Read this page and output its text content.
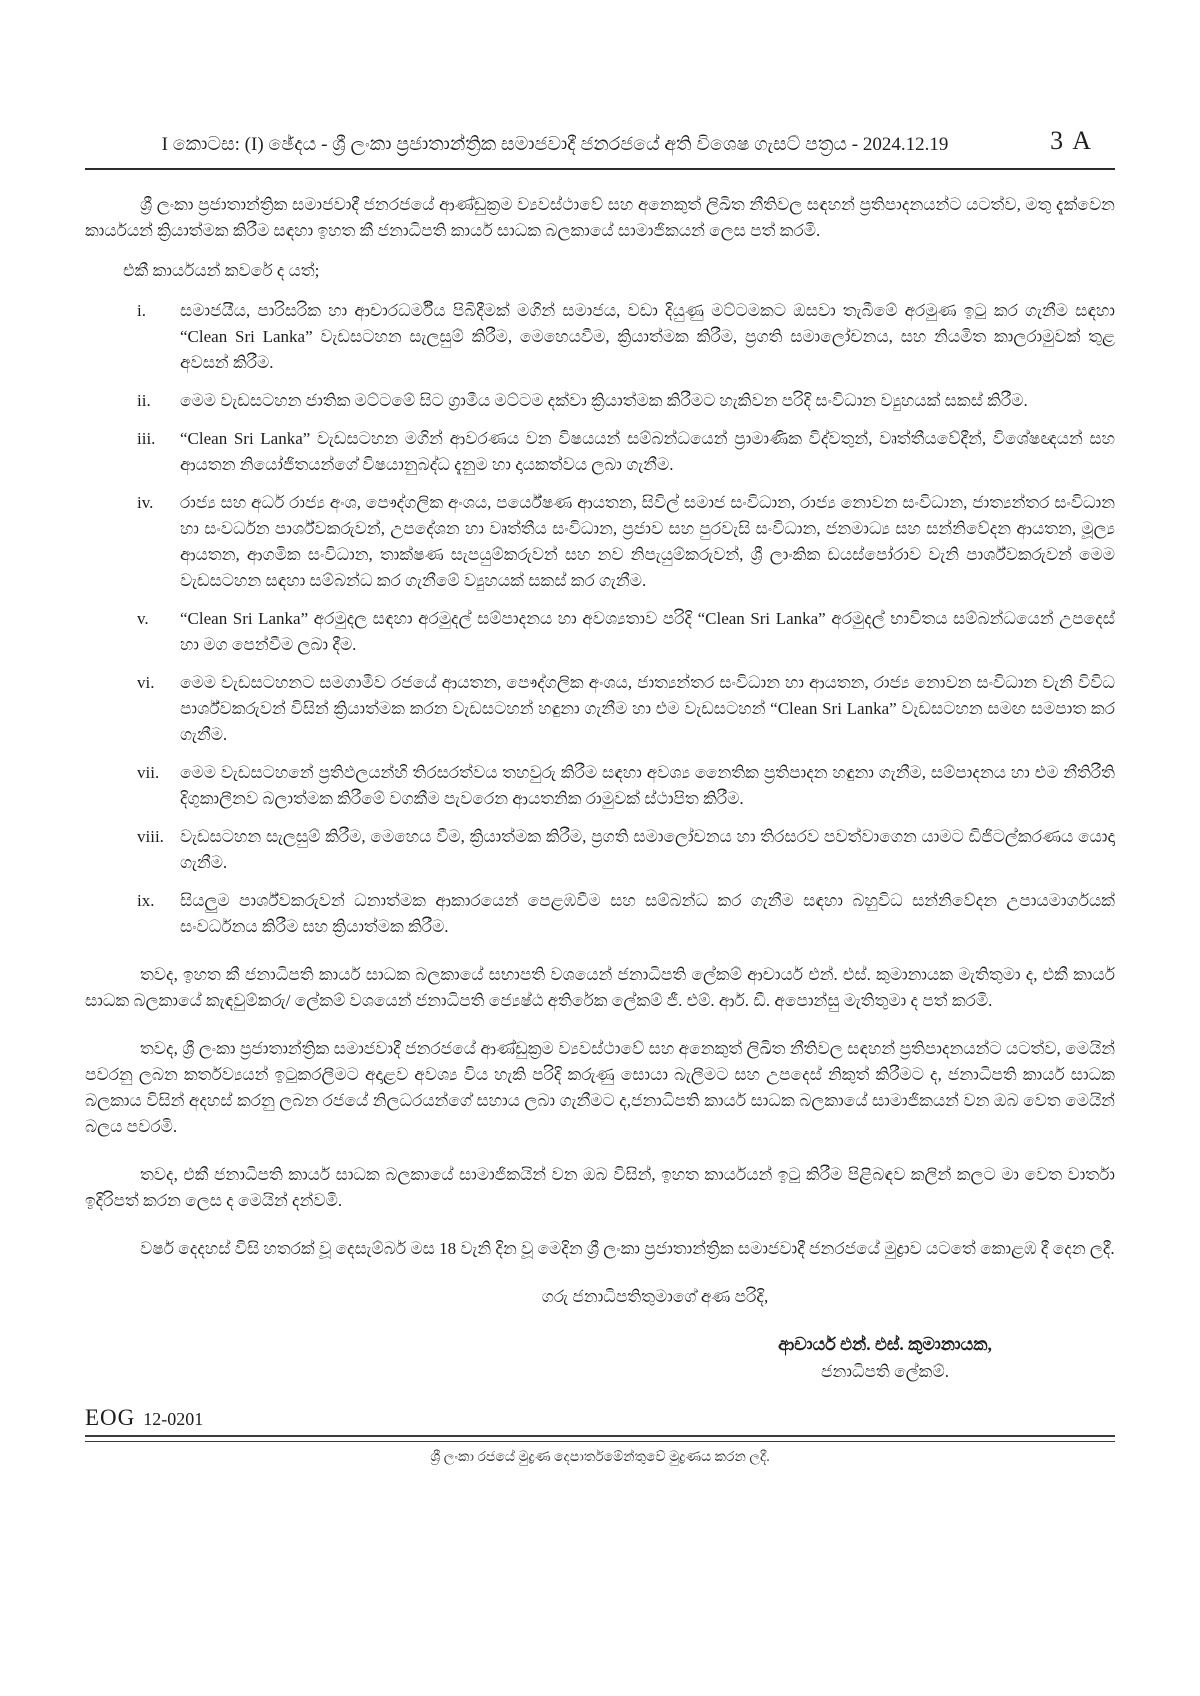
I කොටස: (I) ඡේදය - ශ්‍රී ලංකා ප්‍රජාතාන්ත්‍රික සමාජවාදී ජනරජයේ අති විශෙෂ ගැසට් පත්‍රය - 2024.12.19	3 A

ශ්‍රී ලංකා ප්‍රජාතාන්ත්‍රික සමාජවාදී ජනරජයේ ආණ්ඩුක්‍රම ව්‍යවස්ථාවේ සහ අනෙකුත් ලිඛිත නීතිවල සඳහන් ප්‍රතිපාදනයන්ට යටත්ව, මතු දැක්වෙන කාර්යයන් ක්‍රියාත්මක කිරීම සඳහා ඉහත කී ජනාධිපති කාර්ය සාධක බලකායේ සාමාජිකයන් ලෙස පත් කරමි.

එකී කාර්යයන් කවරේ ද යත්;

i.	සමාජයීය, පාරිසරික හා ආචාරධර්මීය පිබිදීමක් මගින් සමාජය, වඩා දියුණු මට්ටමකට ඔසවා තැබීමේ අරමුණ ඉටු කර ගැනීම සඳහා “Clean Sri Lanka” වැඩසටහන සැලසුම් කිරීම, මෙහෙයවීම, ක්‍රියාත්මක කිරීම, ප්‍රගති සමාලෝචනය, සහ නියමිත කාලරාමුවක් තුළ අවසන් කිරීම.
ii.	මෙම වැඩසටහන ජාතික මට්ටමේ සිට ග්‍රාමීය මට්ටම දක්වා ක්‍රියාත්මක කිරීමට හැකිවන පරිදි සංවිධාන ව්‍යුහයක් සකස් කිරීම.
iii.	“Clean Sri Lanka” වැඩසටහන මගින් ආවරණය වන විෂයයන් සම්බන්ධයෙන් ප්‍රාමාණික විද්වතුන්, වෘත්තීයවේදීන්, විශේෂඥයන් සහ ආයතන නියෝජිතයන්ගේ විෂයානුබද්ධ දැනුම හා දායකත්වය ලබා ගැනීම.
iv.	රාජ්‍ය සහ අර්ධ රාජ්‍ය අංශ, පෞද්ගලික අංශය, පර්යේෂණ ආයතන, සිවිල් සමාජ සංවිධාන, රාජ්‍ය නොවන සංවිධාන, ජාත්‍යන්තර සංවිධාන හා සංවර්ධන පාර්ශ්වකරුවන්, උපදේශන හා වෘත්තීය සංවිධාන, ප්‍රජාව සහ පුරවැසි සංවිධාන, ජනමාධ්‍ය සහ සන්නිවේදන ආයතන, මූල්‍ය ආයතන, ආගමික සංවිධාන, තාක්ෂණ සැපයුම්කරුවන් සහ නව නිපැයුම්කරුවන්, ශ්‍රී ලාංකික ඩයස්පෝරාව වැනි පාර්ශ්වකරුවන් මෙම වැඩසටහන සඳහා සම්බන්ධ කර ගැනීමේ ව්‍යුහයක් සකස් කර ගැනීම.
v.	“Clean Sri Lanka” අරමුදල සඳහා අරමුදල් සම්පාදනය හා අවශ්‍යතාව පරිදි “Clean Sri Lanka” අරමුදල් භාවිතය සම්බන්ධයෙන් උපදෙස් හා මග පෙන්වීම ලබා දීම.
vi.	මෙම වැඩසටහනට සමගාමීව රජයේ ආයතන, පෞද්ගලික අංශය, ජාත්‍යන්තර සංවිධාන හා ආයතන, රාජ්‍ය නොවන සංවිධාන වැනි විවිධ පාර්ශ්වකරුවන් විසින් ක්‍රියාත්මක කරන වැඩසටහන් හඳුනා ගැනීම හා එම වැඩසටහන් “Clean Sri Lanka” වැඩසටහන සමඟ සමපාත කර ගැනීම.
vii.	මෙම වැඩසටහනේ ප්‍රතිඵලයන්හි තිරසරත්වය තහවුරු කිරීම සඳහා අවශ්‍ය නෛතික ප්‍රතිපාදන හඳුනා ගැනීම, සම්පාදනය හා එම නීතිරීති දිගුකාලීනව බලාත්මක කිරීමේ වගකීම පැවරෙන ආයතනික රාමුවක් ස්ථාපිත කිරීම.
viii. වැඩසටහන සැලසුම් කිරීම, මෙහෙය වීම, ක්‍රියාත්මක කිරීම, ප්‍රගති සමාලෝචනය හා තිරසරව පවත්වාගෙන යාමට ඩිජිටල්කරණය යොදා ගැනීම.
ix.	සියලුම පාර්ශ්වකරුවන් ධනාත්මක ආකාරයෙන් පෙළඹවීම සහ සම්බන්ධ කර ගැනීම සඳහා බහුවිධ සන්නිවේදන උපායමාර්ගයක් සංවර්ධනය කිරීම සහ ක්‍රියාත්මක කිරීම.

තවද, ඉහත කී ජනාධිපති කාර්ය සාධක බලකායේ සභාපති වශයෙන් ජනාධිපති ලේකම් ආචාර්ය එන්. එස්. කුමානායක මැතිතුමා ද, එකී කාර්ය සාධක බලකායේ කැඳවුම්කරු/ ලේකම් වශයෙන් ජනාධිපති ජ්‍යෙෂ්ඨ අතිරේක ලේකම් ජී. එම්. ආර්. ඩී. අපොන්සු මැතිතුමා ද පත් කරමි.

තවද, ශ්‍රී ලංකා ප්‍රජාතාන්ත්‍රික සමාජවාදී ජනරජයේ ආණ්ඩුක්‍රම ව්‍යවස්ථාවේ සහ අනෙකුත් ලිඛිත නීතිවල සඳහන් ප්‍රතිපාදනයන්ට යටත්ව, මෙයින් පවරනු ලබන කර්තව්‍යයන් ඉටුකරලීමට අදාළව අවශ්‍ය විය හැකි පරිදි කරුණු සොයා බැලීමට සහ උපදෙස් නිකුත් කිරීමට ද, ජනාධිපති කාර්ය සාධක බලකාය විසින් අදහස් කරනු ලබන රජයේ නිලධරයන්ගේ සහාය ලබා ගැනීමට ද,ජනාධිපති කාර්ය සාධක බලකායේ සාමාජිකයන් වන ඔබ වෙත මෙයින් බලය පවරමි.

තවද, එකී ජනාධිපති කාර්ය සාධක බලකායේ සාමාජිකයින් වන ඔබ විසින්, ඉහත කාර්යයන් ඉටු කිරීම පිළිබඳව කලින් කලට මා වෙත වාර්තා ඉදිරිපත් කරන ලෙස ද මෙයින් දන්වමි.

වර්ෂ දෙදහස් විසි හතරක් වූ දෙසැම්බර් මස 18 වැනි දින වූ මෙදින ශ්‍රී ලංකා ප්‍රජාතාන්ත්‍රික සමාජවාදී ජනරජයේ මුද්‍රාව යටතේ කොළඹ දී දෙන ලදී.

ගරු ජනාධිපතිතුමාගේ අණ පරිදි,

ආචාර්ය එන්. එස්. කුමානායක,
ජනාධිපති ලේකම්.
EOG 12-0201

ශ්‍රී ලංකා රජයේ මුද්‍රණ දෙපාර්තමේන්තුවේ මුද්‍රණය කරන ලදී.
